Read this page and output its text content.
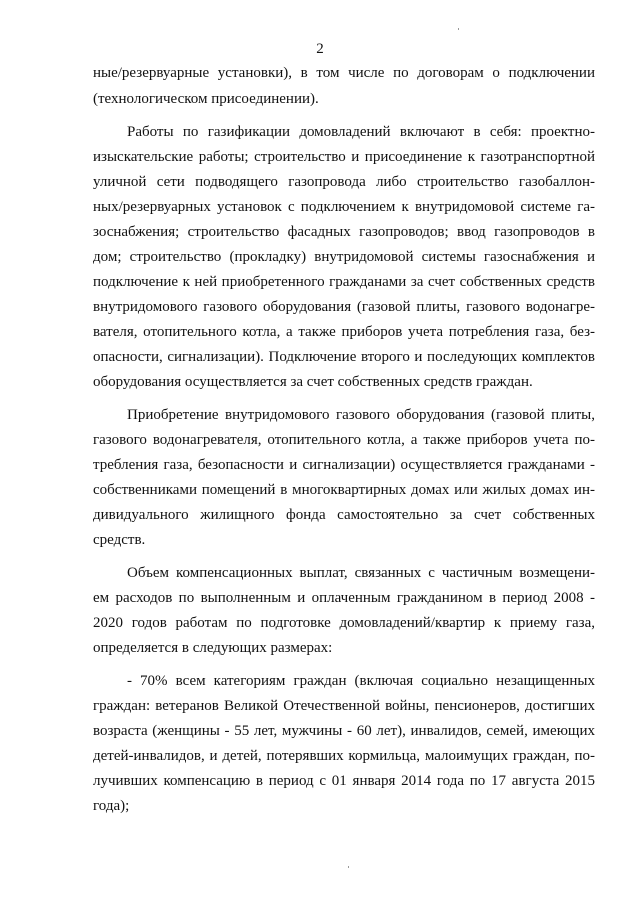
2
ные/резервуарные установки), в том числе по договорам о подключении
(технологическом присоединении).
Работы по газификации домовладений включают в себя: проектно-
изыскательские работы; строительство и присоединение к газотранспортной
уличной сети подводящего газопровода либо строительство газобаллон-
ных/резервуарных установок с подключением к внутридомовой системе га-
зоснабжения; строительство фасадных газопроводов; ввод газопроводов в
дом; строительство (прокладку) внутридомовой системы газоснабжения и
подключение к ней приобретенного гражданами за счет собственных средств
внутридомового газового оборудования (газовой плиты, газового водонагре-
вателя, отопительного котла, а также приборов учета потребления газа, без-
опасности, сигнализации). Подключение второго и последующих комплектов
оборудования осуществляется за счет собственных средств граждан.
Приобретение внутридомового газового оборудования (газовой плиты,
газового водонагревателя, отопительного котла, а также приборов учета по-
требления газа, безопасности и сигнализации) осуществляется гражданами -
собственниками помещений в многоквартирных домах или жилых домах ин-
дивидуального жилищного фонда самостоятельно за счет собственных
средств.
Объем компенсационных выплат, связанных с частичным возмещени-
ем расходов по выполненным и оплаченным гражданином в период 2008 -
2020 годов работам по подготовке домовладений/квартир к приему газа,
определяется в следующих размерах:
- 70% всем категориям граждан (включая социально незащищенных
граждан: ветеранов Великой Отечественной войны, пенсионеров, достигших
возраста (женщины - 55 лет, мужчины - 60 лет), инвалидов, семей, имеющих
детей-инвалидов, и детей, потерявших кормильца, малоимущих граждан, по-
лучивших компенсацию в период с 01 января 2014 года по 17 августа 2015
года);
